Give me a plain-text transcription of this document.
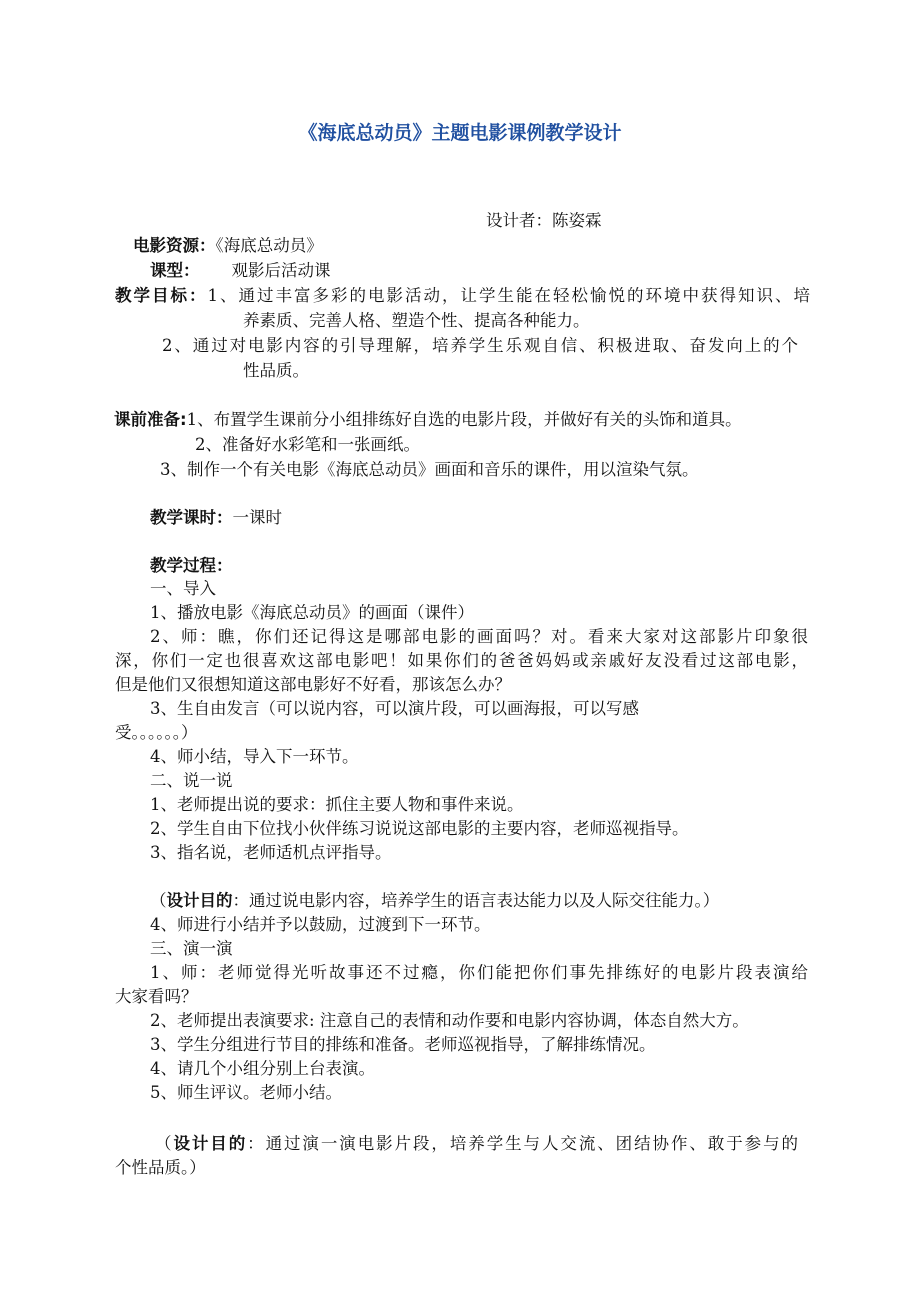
《海底总动员》主题电影课例教学设计

设计者：陈姿霖

电影资源：《海底总动员》

课型： 观影后活动课

教学目标：1、通过丰富多彩的电影活动，让学生能在轻松愉悦的环境中获得知识、培

养素质、完善人格、塑造个性、提高各种能力。

2、通过对电影内容的引导理解，培养学生乐观自信、积极进取、奋发向上的个

性品质。

课前准备:1、布置学生课前分小组排练好自选的电影片段，并做好有关的头饰和道具。

2、准备好水彩笔和一张画纸。

3、制作一个有关电影《海底总动员》画面和音乐的课件，用以渲染气氛。

教学课时：一课时

教学过程：

一、导入

1、播放电影《海底总动员》的画面（课件）

2、师：瞧，你们还记得这是哪部电影的画面吗？对。看来大家对这部影片印象很

深，你们一定也很喜欢这部电影吧！如果你们的爸爸妈妈或亲戚好友没看过这部电影，

但是他们又很想知道这部电影好不好看，那该怎么办？

3、生自由发言（可以说内容，可以演片段，可以画海报，可以写感

受。。。。。。）

4、师小结，导入下一环节。

二、说一说

1、老师提出说的要求：抓住主要人物和事件来说。

2、学生自由下位找小伙伴练习说说这部电影的主要内容，老师巡视指导。

3、指名说，老师适机点评指导。

（设计目的：通过说电影内容，培养学生的语言表达能力以及人际交往能力。）

4、师进行小结并予以鼓励，过渡到下一环节。

三、演一演

1、师：老师觉得光听故事还不过瘾，你们能把你们事先排练好的电影片段表演给

大家看吗？

2、老师提出表演要求: 注意自己的表情和动作要和电影内容协调，体态自然大方。

3、学生分组进行节目的排练和准备。老师巡视指导，了解排练情况。

4、请几个小组分别上台表演。

5、师生评议。老师小结。

（设计目的：通过演一演电影片段，培养学生与人交流、团结协作、敢于参与的

个性品质。）
